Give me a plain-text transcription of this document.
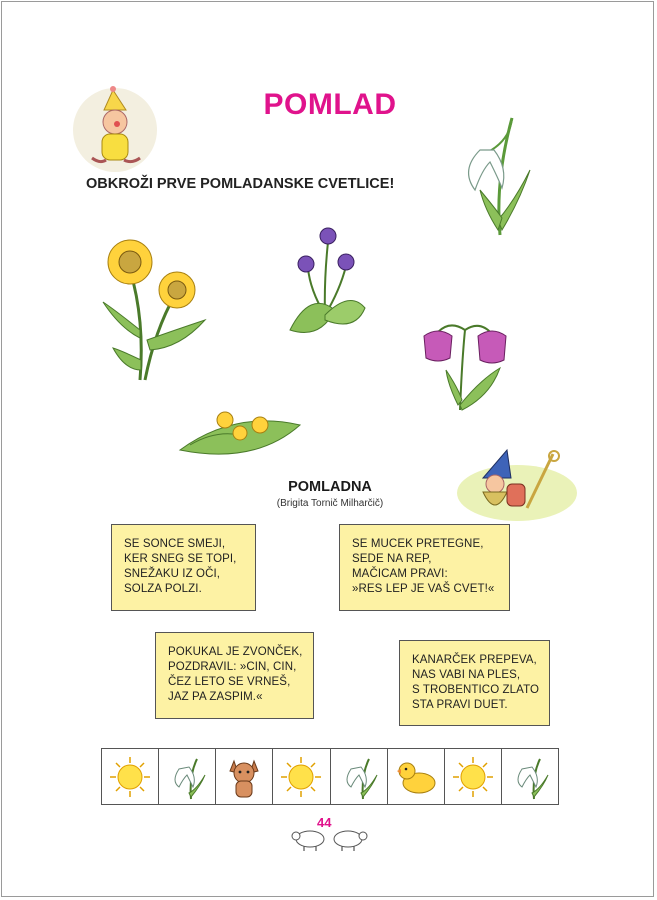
POMLAD
OBKROŽI PRVE POMLADANSKE CVETLICE!
POMLADNA
(Brigita Tornič Milharčič)
SE SONCE SMEJI,
KER SNEG SE TOPI,
SNEŽAKU IZ OČI,
SOLZA POLZI.
SE MUCEK PRETEGNE,
SEDE NA REP,
MAČICAM PRAVI:
»RES LEP JE VAŠ CVET!«
POKUKAL JE ZVONČEK,
POZDRAVIL: »CIN, CIN,
ČEZ LETO SE VRNEŠ,
JAZ PA ZASPIM.«
KANARČEK PREPEVA,
NAS VABI NA PLES,
S TROBENTICO ZLATO
STA PRAVI DUET.
44
